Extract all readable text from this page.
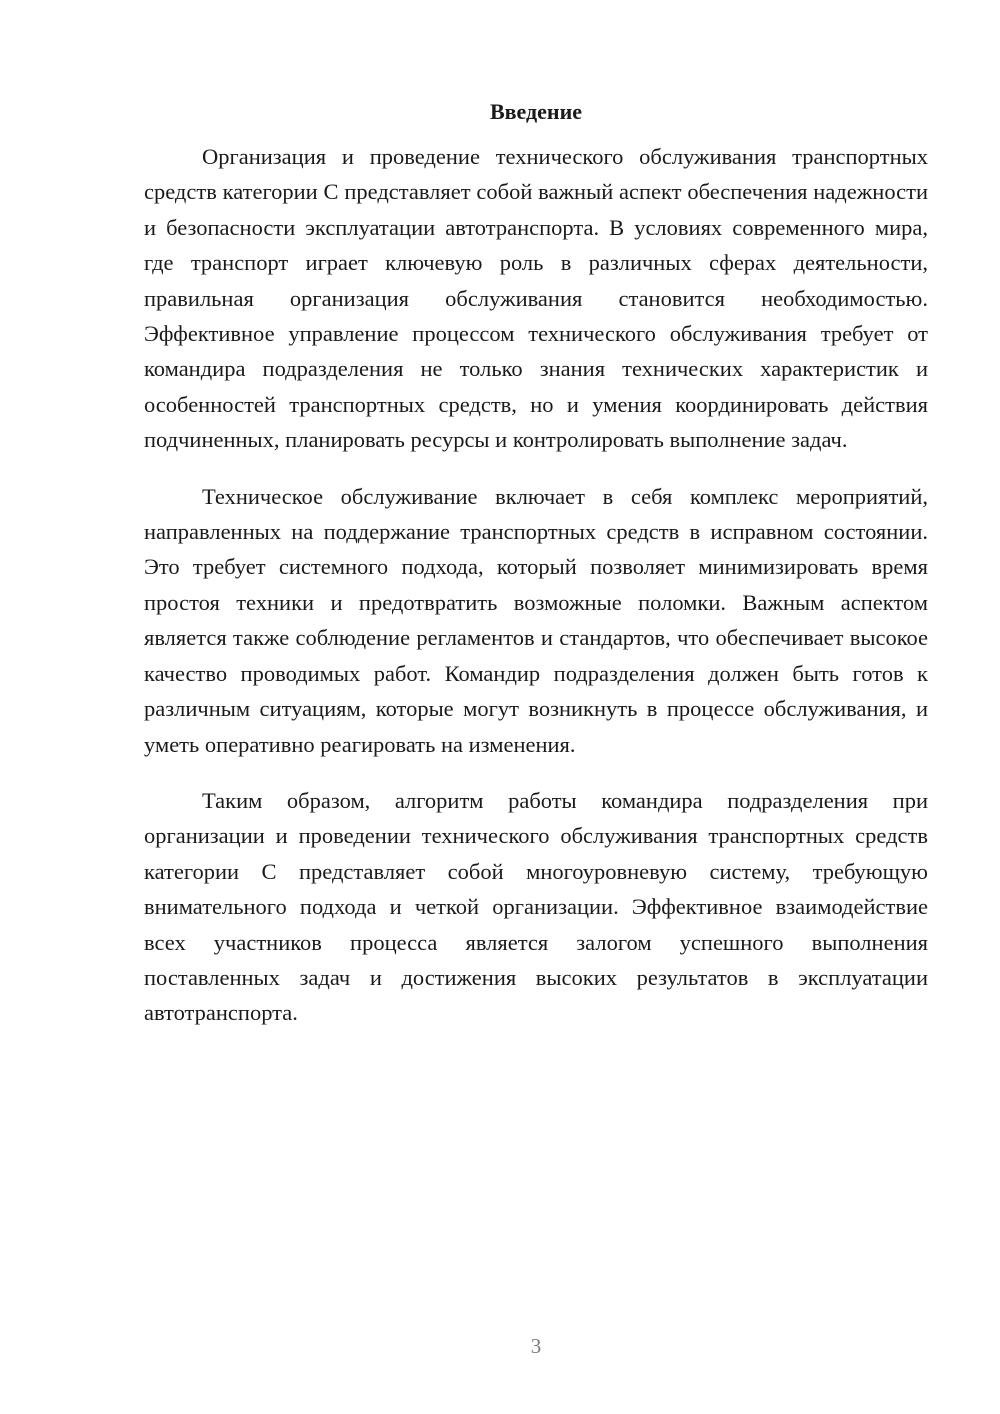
Введение

Организация и проведение технического обслуживания транспортных средств категории С представляет собой важный аспект обеспечения надежности и безопасности эксплуатации автотранспорта. В условиях современного мира, где транспорт играет ключевую роль в различных сферах деятельности, правильная организация обслуживания становится необходимостью. Эффективное управление процессом технического обслуживания требует от командира подразделения не только знания технических характеристик и особенностей транспортных средств, но и умения координировать действия подчиненных, планировать ресурсы и контролировать выполнение задач.

Техническое обслуживание включает в себя комплекс мероприятий, направленных на поддержание транспортных средств в исправном состоянии. Это требует системного подхода, который позволяет минимизировать время простоя техники и предотвратить возможные поломки. Важным аспектом является также соблюдение регламентов и стандартов, что обеспечивает высокое качество проводимых работ. Командир подразделения должен быть готов к различным ситуациям, которые могут возникнуть в процессе обслуживания, и уметь оперативно реагировать на изменения.

Таким образом, алгоритм работы командира подразделения при организации и проведении технического обслуживания транспортных средств категории С представляет собой многоуровневую систему, требующую внимательного подхода и четкой организации. Эффективное взаимодействие всех участников процесса является залогом успешного выполнения поставленных задач и достижения высоких результатов в эксплуатации автотранспорта.

3
